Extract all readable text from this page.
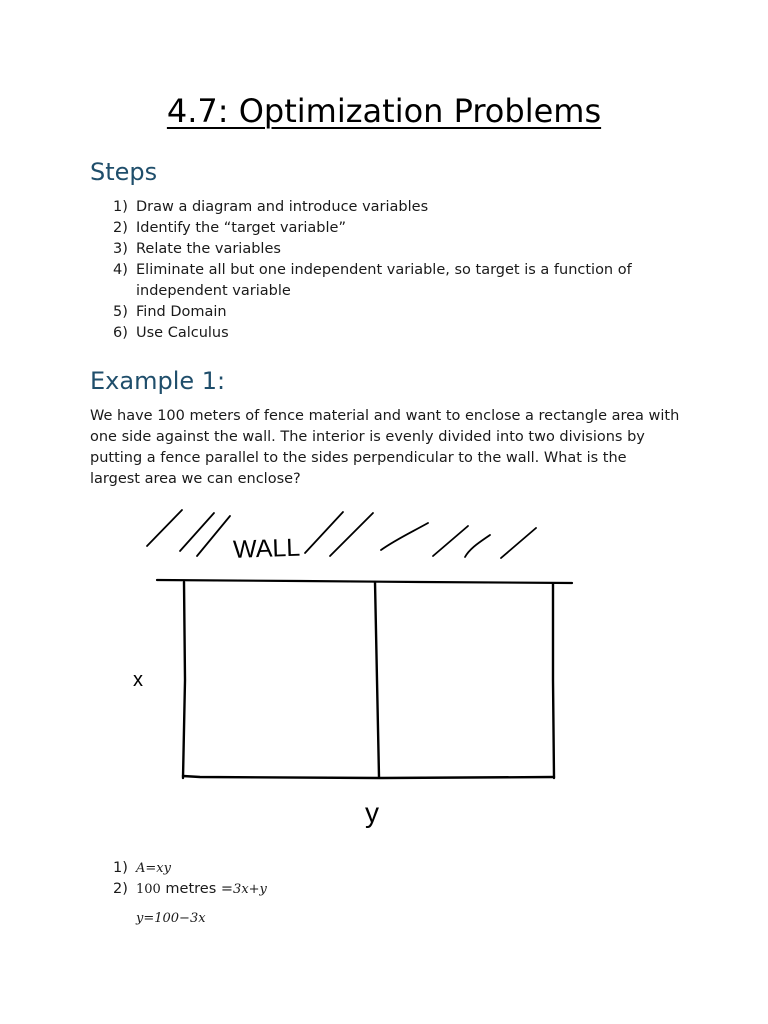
4.7: Optimization Problems
Steps
1) Draw a diagram and introduce variables
2) Identify the “target variable”
3) Relate the variables
4) Eliminate all but one independent variable, so target is a function of independent variable
5) Find Domain
6) Use Calculus
Example 1:

We have 100 meters of fence material and want to enclose a rectangle area with one side against the wall. The interior is evenly divided into two divisions by putting a fence parallel to the sides perpendicular to the wall. What is the largest area we can enclose?

WALL
x
y
1) A=xy
2) 100 metres =3x+y
y=100−3x
